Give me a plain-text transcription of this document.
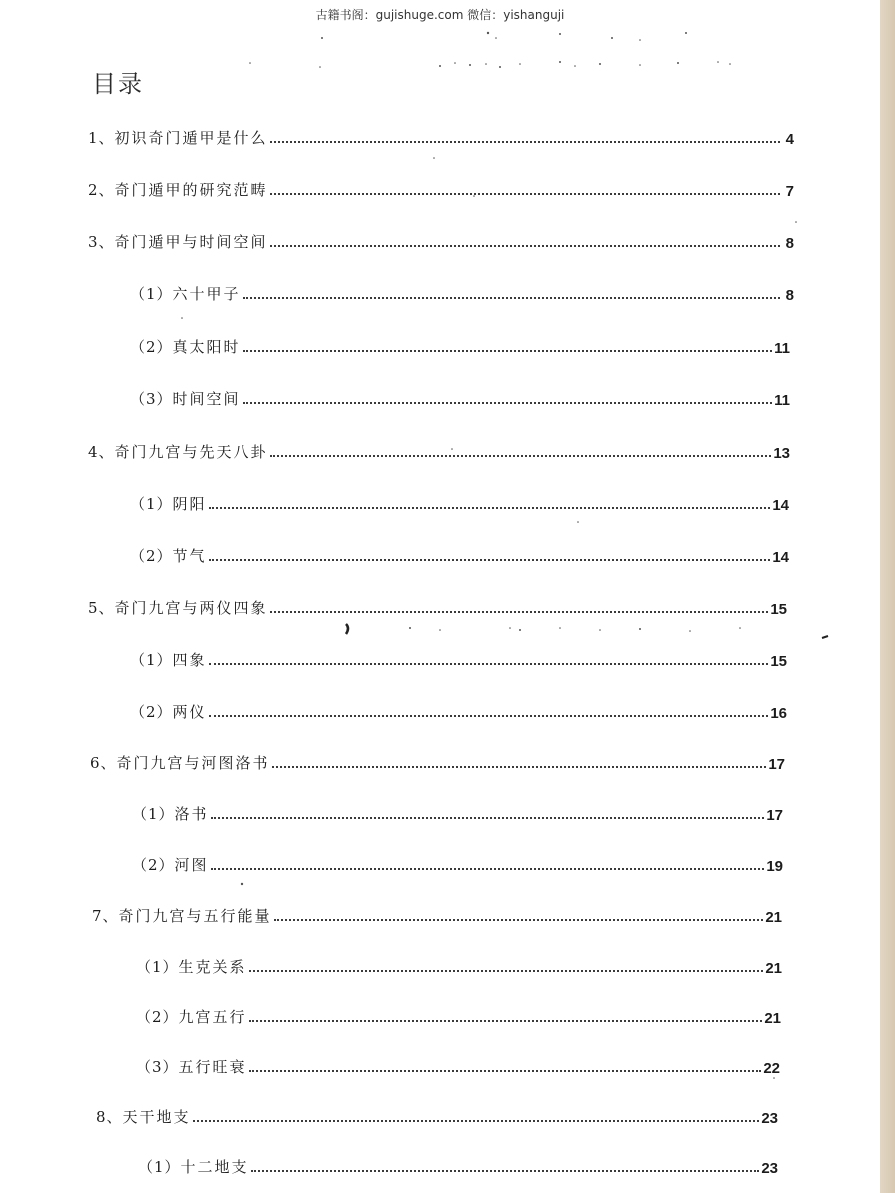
古籍书阁：gujishuge.com 微信：yishanguji
目录
1、 初识奇门遁甲是什么	4
2、 奇门遁甲的研究范畴	7
3、 奇门遁甲与时间空间	8
（1） 六十甲子	8
（2） 真太阳时	11
（3） 时间空间	11
4、 奇门九宫与先天八卦	13
（1） 阴阳	14
（2） 节气	14
5、 奇门九宫与两仪四象	15
（1） 四象	15
（2） 两仪	16
6、 奇门九宫与河图洛书	17
（1） 洛书	17
（2） 河图	19
7、 奇门九宫与五行能量	21
（1） 生克关系	21
（2） 九宫五行	21
（3） 五行旺衰	22
8、 天干地支	23
（1） 十二地支	23
